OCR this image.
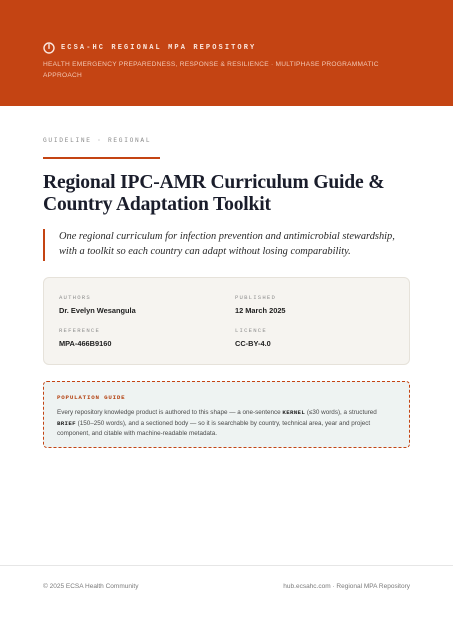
ECSA-HC REGIONAL MPA REPOSITORY
HEALTH EMERGENCY PREPAREDNESS, RESPONSE & RESILIENCE · MULTIPHASE PROGRAMMATIC APPROACH
GUIDELINE · REGIONAL
Regional IPC-AMR Curriculum Guide & Country Adaptation Toolkit

One regional curriculum for infection prevention and antimicrobial stewardship, with a toolkit so each country can adapt without losing comparability.

AUTHORS
Dr. Evelyn Wesangula
PUBLISHED
12 March 2025
REFERENCE
MPA-466B9160
LICENCE
CC-BY-4.0
POPULATION GUIDE
Every repository knowledge product is authored to this shape — a one-sentence KERNEL (≤30 words), a structured BRIEF (150–250 words), and a sectioned body — so it is searchable by country, technical area, year and project component, and citable with machine-readable metadata.
© 2025 ECSA Health Community	hub.ecsahc.com · Regional MPA Repository
